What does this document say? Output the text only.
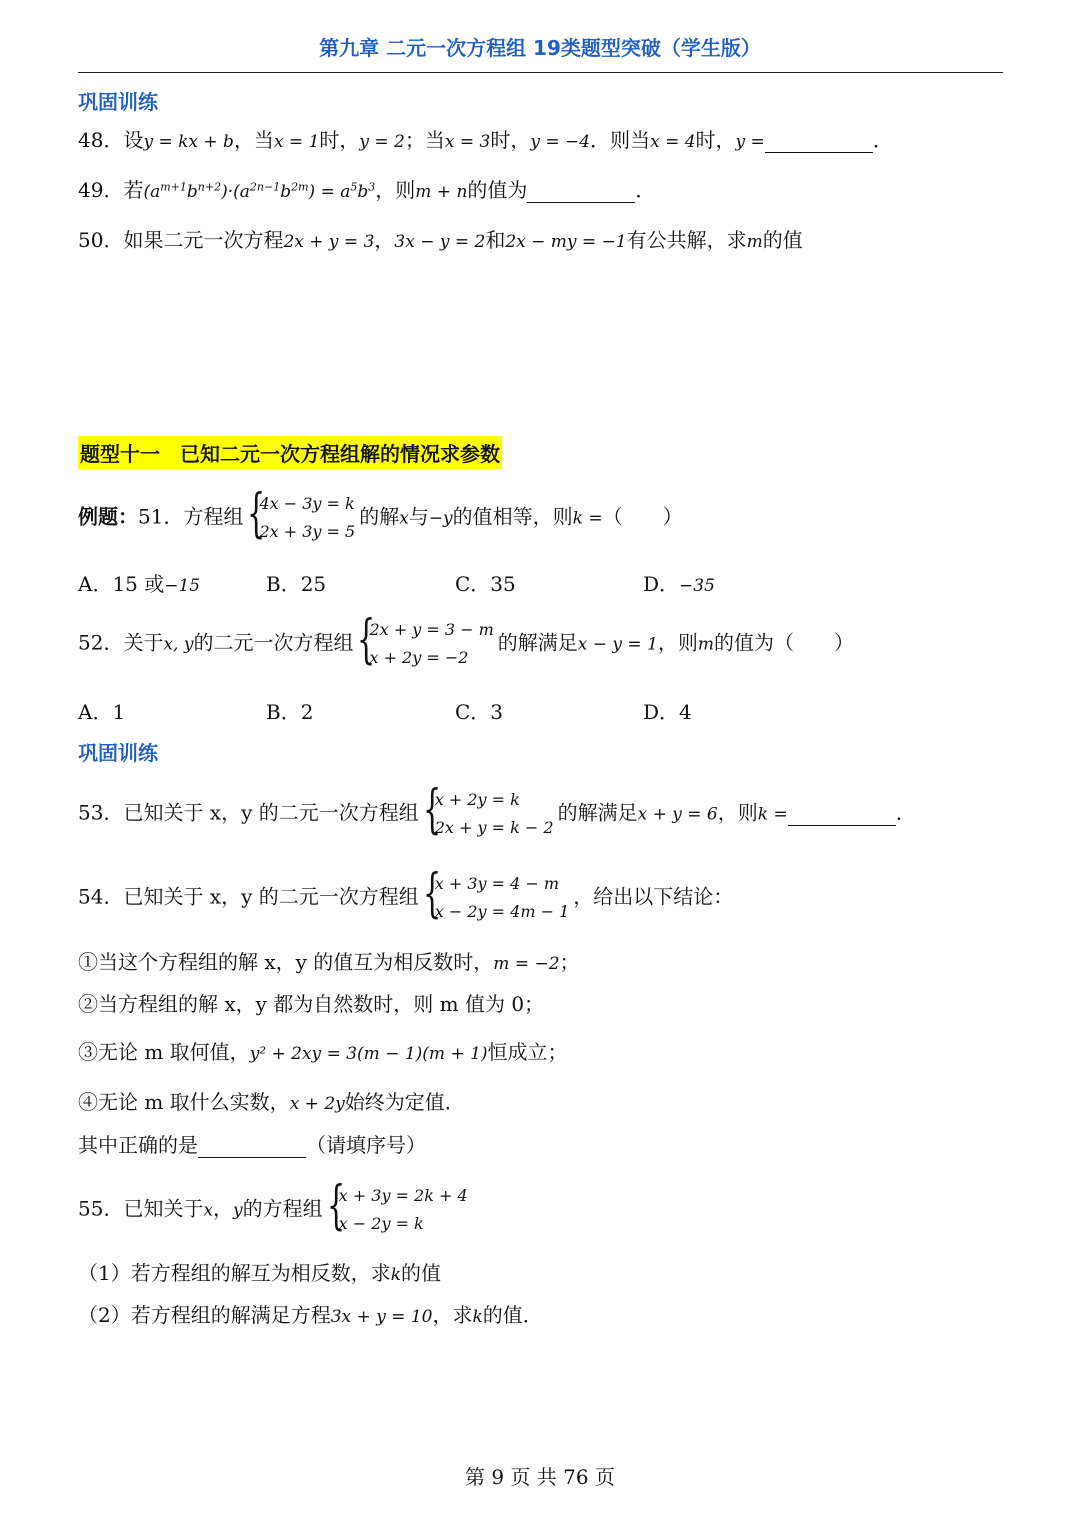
第九章 二元一次方程组 19类题型突破（学生版）
巩固训练
48．设y = kx + b，当x = 1时，y = 2；当x = 3时，y = −4．则当x = 4时，y =	．
49．若$(a^{m+1}b^{n+2})\cdot(a^{2n-1}b^{2m}) = a^5b^3$，则m + n的值为	．
50．如果二元一次方程2x + y = 3，3x − y = 2和2x − my = −1有公共解，求m的值
题型十一　已知二元一次方程组解的情况求参数
例题：51．方程组 {
4x − 3y = k
2x + 3y = 5
的解x与−y的值相等，则k =（　　）
A．15 或−15	B．25	C．35	D．−35
52．关于x, y的二元一次方程组 {
2x + y = 3 − m
x + 2y = −2
的解满足x − y = 1，则m的值为（　　）
A．1	B．2	C．3	D．4
巩固训练
53．已知关于 x，y 的二元一次方程组 {
x + 2y = k
2x + y = k − 2
的解满足x + y = 6，则k =	．
54．已知关于 x，y 的二元一次方程组 {
x + 3y = 4 − m
x − 2y = 4m − 1
，给出以下结论：
①当这个方程组的解 x，y 的值互为相反数时，m = −2；
②当方程组的解 x，y 都为自然数时，则 m 值为 0；
③无论 m 取何值，y² + 2xy = 3(m − 1)(m + 1)恒成立；
④无论 m 取什么实数，x + 2y始终为定值．
其中正确的是	（请填序号）
55．已知关于x，y的方程组 {
x + 3y = 2k + 4
x − 2y = k
（1）若方程组的解互为相反数，求k的值
（2）若方程组的解满足方程3x + y = 10，求k的值．
第 9 页 共 76 页
